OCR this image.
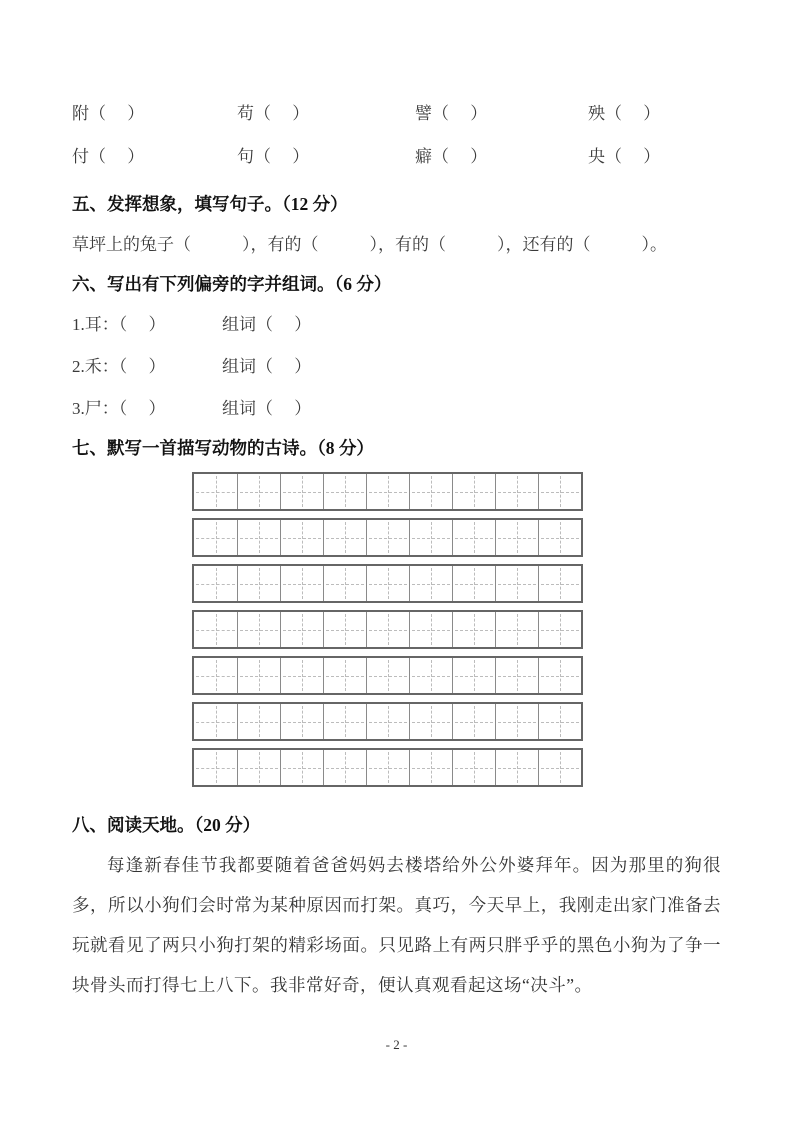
附（ 　）	苟（ 　）	譬（ 　）	殃（ 　）
付（ 　）	句（ 　）	癖（ 　）	央（ 　）
五、发挥想象，填写句子。（12 分）
草坪上的兔子（　　　），有的（　　　），有的（　　　），还有的（　　　）。
六、写出有下列偏旁的字并组词。（6 分）
1.耳：（ 　）	组词（ 　）
2.禾：（ 　）	组词（ 　）
3.尸：（ 　）	组词（ 　）
七、默写一首描写动物的古诗。（8 分）
八、阅读天地。（20 分）
每逢新春佳节我都要随着爸爸妈妈去楼塔给外公外婆拜年。因为那里的狗很多，所以小狗们会时常为某种原因而打架。真巧，今天早上，我刚走出家门准备去玩就看见了两只小狗打架的精彩场面。只见路上有两只胖乎乎的黑色小狗为了争一块骨头而打得七上八下。我非常好奇，便认真观看起这场“决斗”。
- 2 -
